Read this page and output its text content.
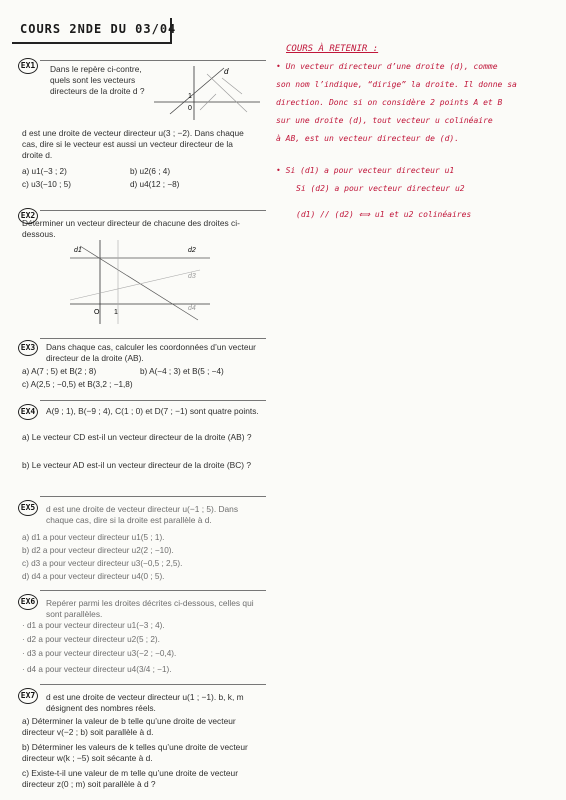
COURS 2NDE DU 03/04
EX1	Dans le repère ci-contre, quels sont les vecteurs directeurs de la droite d ?
d
1
0
d est une droite de vecteur directeur u(3 ; −2). Dans chaque cas, dire si le vecteur est aussi un vecteur directeur de la droite d.
a) u1(−3 ; 2)	b) u2(6 ; 4)
c) u3(−10 ; 5)	d) u4(12 ; −8)
EX2
Déterminer un vecteur directeur de chacune des droites ci-dessous.
d1	d2
d3
d4
O 1
EX3	Dans chaque cas, calculer les coordonnées d’un vecteur directeur de la droite (AB).
a) A(7 ; 5) et B(2 ; 8)	b) A(−4 ; 3) et B(5 ; −4)
c) A(2,5 ; −0,5) et B(3,2 ; −1,8)
EX4	A(9 ; 1), B(−9 ; 4), C(1 ; 0) et D(7 ; −1) sont quatre points.
a) Le vecteur CD est-il un vecteur directeur de la droite (AB) ?
b) Le vecteur AD est-il un vecteur directeur de la droite (BC) ?
EX5	d est une droite de vecteur directeur u(−1 ; 5). Dans chaque cas, dire si la droite est parallèle à d.
a) d1 a pour vecteur directeur u1(5 ; 1).
b) d2 a pour vecteur directeur u2(2 ; −10).
c) d3 a pour vecteur directeur u3(−0,5 ; 2,5).
d) d4 a pour vecteur directeur u4(0 ; 5).
EX6	Repérer parmi les droites décrites ci-dessous, celles qui sont parallèles.
· d1 a pour vecteur directeur u1(−3 ; 4).
· d2 a pour vecteur directeur u2(5 ; 2).
· d3 a pour vecteur directeur u3(−2 ; −0,4).
· d4 a pour vecteur directeur u4(3/4 ; −1).
EX7	d est une droite de vecteur directeur u(1 ; −1). b, k, m désignent des nombres réels.
a) Déterminer la valeur de b telle qu’une droite de vecteur directeur v(−2 ; b) soit parallèle à d.
b) Déterminer les valeurs de k telles qu’une droite de vecteur directeur w(k ; −5) soit sécante à d.
c) Existe-t-il une valeur de m telle qu’une droite de vecteur directeur z(0 ; m) soit parallèle à d ?
COURS À RETENIR :
• Un vecteur directeur d’une droite (d), comme
son nom l’indique, “dirige” la droite. Il donne sa
direction. Donc si on considère 2 points A et B
sur une droite (d), tout vecteur u colinéaire
à AB, est un vecteur directeur de (d).
• Si (d1) a pour vecteur directeur u1
Si (d2) a pour vecteur directeur u2
(d1) // (d2) ⟺ u1 et u2 colinéaires
